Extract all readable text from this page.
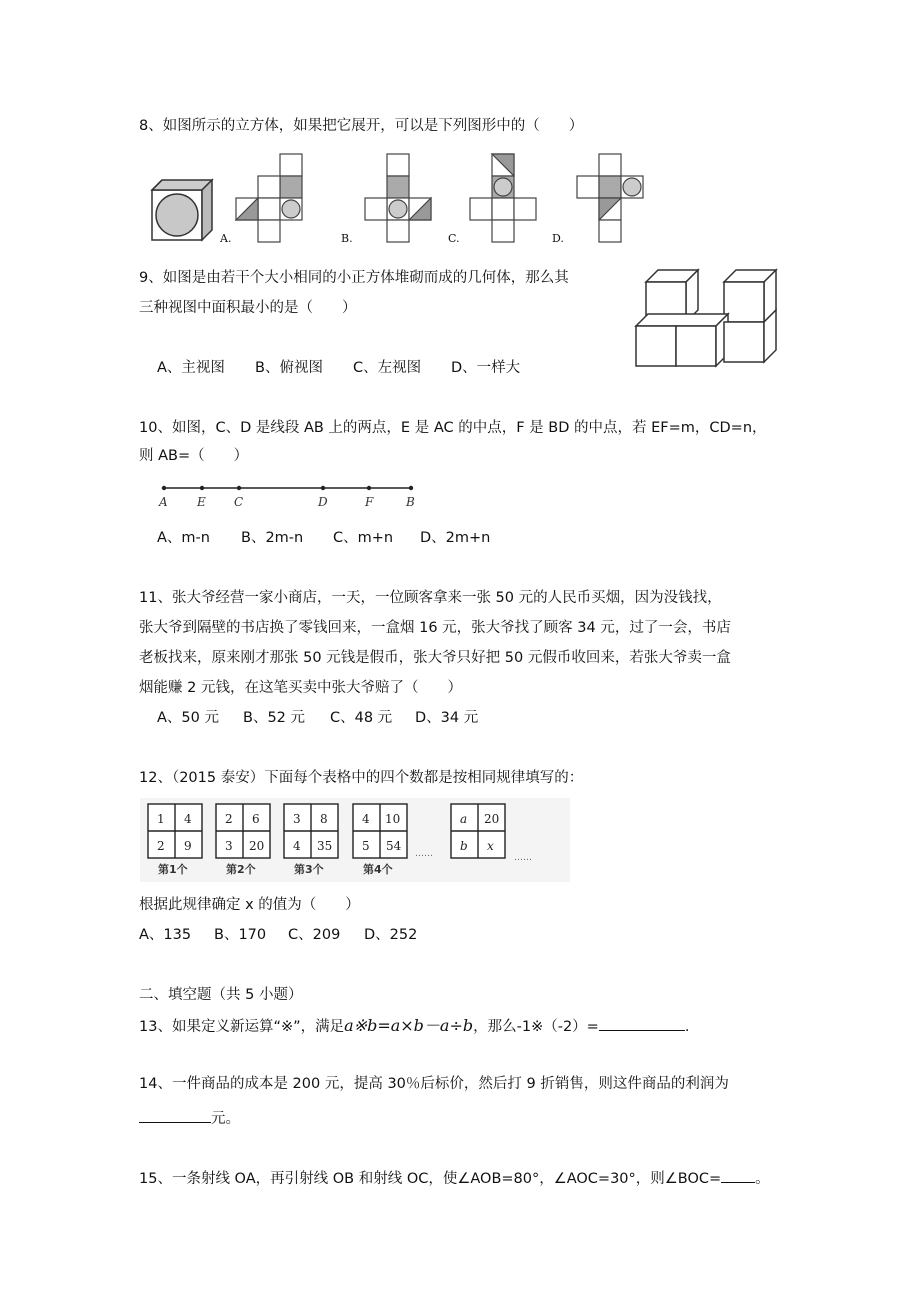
8、如图所示的立方体，如果把它展开，可以是下列图形中的（　　）
A.	B.	C.	D.
9、如图是由若干个大小相同的小正方体堆砌而成的几何体，那么其
三种视图中面积最小的是（　　）
A、主视图 B、俯视图 C、左视图 D、一样大
10、如图，C、D 是线段 AB 上的两点，E 是 AC 的中点，F 是 BD 的中点，若 EF=m，CD=n，
则 AB=（　　）
A E C	D	F	B
A、m-n B、2m-n C、m+n D、2m+n
11、张大爷经营一家小商店，一天，一位顾客拿来一张 50 元的人民币买烟，因为没钱找，
张大爷到隔壁的书店换了零钱回来，一盒烟 16 元，张大爷找了顾客 34 元，过了一会，书店
老板找来，原来刚才那张 50 元钱是假币，张大爷只好把 50 元假币收回来，若张大爷卖一盒
烟能赚 2 元钱，在这笔买卖中张大爷赔了（　　）
A、50 元 B、52 元 C、48 元 D、34 元
12、（2015 泰安）下面每个表格中的四个数都是按相同规律填写的：
1 4
2 9
2 6
3 20
3 8
4 35
4 10
5 54
a 20
b x
第1个	第2个	第3个	第4个
……	……
根据此规律确定 x 的值为（　　）
A、135 B、170 C、209 D、252
二、填空题（共 5 小题）
13、如果定义新运算“※”，满足a※b=a×b－a÷b，那么-1※（-2）=	.
14、一件商品的成本是 200 元，提高 30％后标价，然后打 9 折销售，则这件商品的利润为
元。
15、一条射线 OA，再引射线 OB 和射线 OC，使∠AOB=80°，∠AOC=30°，则∠BOC= 。
